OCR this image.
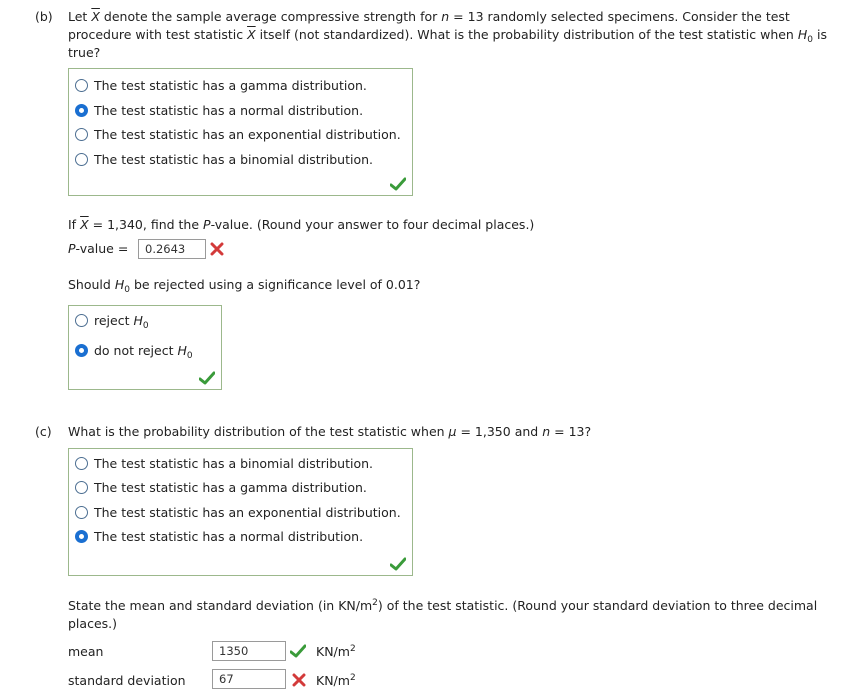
(b) Let $\overline{X}$ denote the sample average compressive strength for n = 13 randomly selected specimens. Consider the test
procedure with test statistic $\overline{X}$ itself (not standardized). What is the probability distribution of the test statistic when $H_0$ is
true?
The test statistic has a gamma distribution.
The test statistic has a normal distribution.
The test statistic has an exponential distribution.
The test statistic has a binomial distribution.
If $\overline{X} = 1,340$, find the P-value. (Round your answer to four decimal places.)
P-value =	0.2643
Should $H_0$ be rejected using a significance level of 0.01?
reject $H_0$
do not reject $H_0$
(c) What is the probability distribution of the test statistic when μ = 1,350 and n = 13?
The test statistic has a binomial distribution.
The test statistic has a gamma distribution.
The test statistic has an exponential distribution.
The test statistic has a normal distribution.
State the mean and standard deviation (in $KN/m^2$) of the test statistic. (Round your standard deviation to three decimal
places.)
mean	1350	$KN/m^2$
standard deviation	67	$KN/m^2$
